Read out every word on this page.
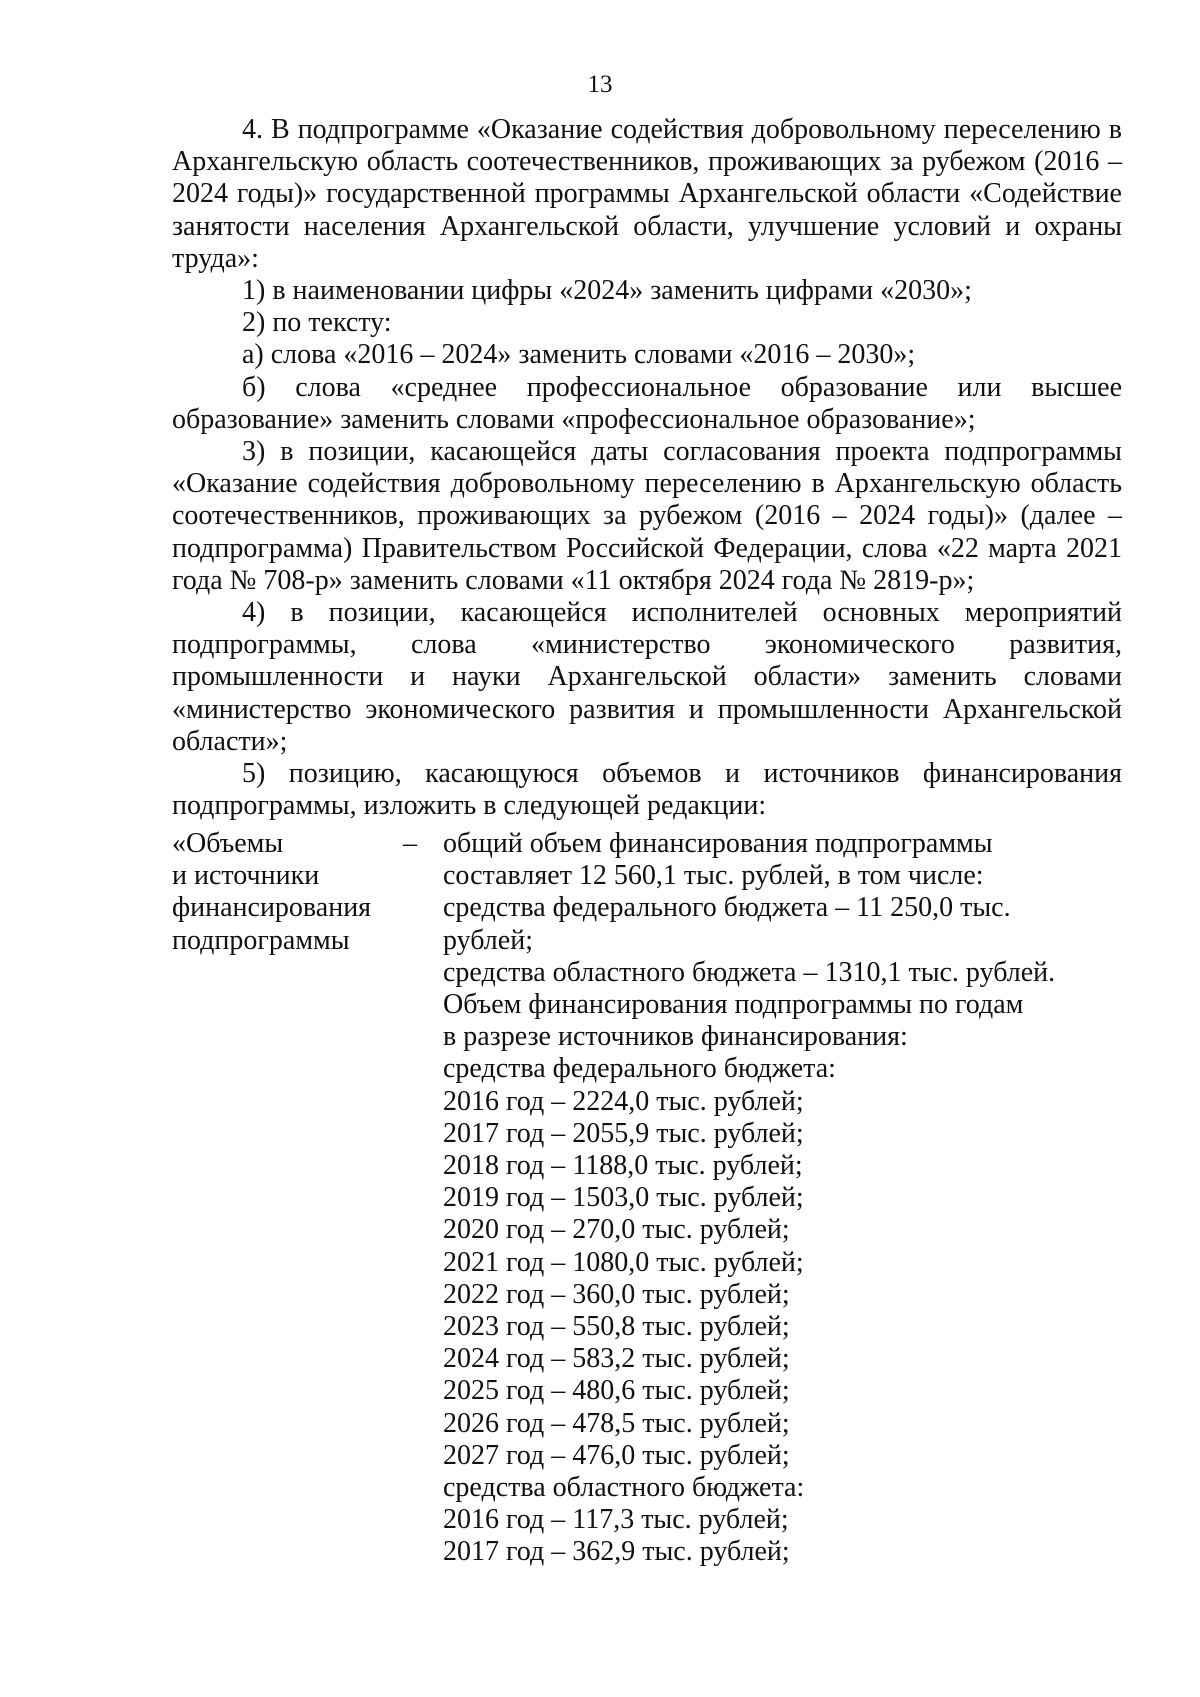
13

4. В подпрограмме «Оказание содействия добровольному переселению в Архангельскую область соотечественников, проживающих за рубежом (2016 – 2024 годы)» государственной программы Архангельской области «Содействие занятости населения Архангельской области, улучшение условий и охраны труда»:

1) в наименовании цифры «2024» заменить цифрами «2030»;

2) по тексту:

а) слова «2016 – 2024» заменить словами «2016 – 2030»;

б) слова «среднее профессиональное образование или высшее образование» заменить словами «профессиональное образование»;

3) в позиции, касающейся даты согласования проекта подпрограммы «Оказание содействия добровольному переселению в Архангельскую область соотечественников, проживающих за рубежом (2016 – 2024 годы)» (далее – подпрограмма) Правительством Российской Федерации, слова «22 марта 2021 года № 708-р» заменить словами «11 октября 2024 года № 2819-р»;

4) в позиции, касающейся исполнителей основных мероприятий подпрограммы, слова «министерство экономического развития, промышленности и науки Архангельской области» заменить словами «министерство экономического развития и промышленности Архангельской области»;

5) позицию, касающуюся объемов и источников финансирования подпрограммы, изложить в следующей редакции:

«Объемы
и источники
финансирования
подпрограммы
– общий объем финансирования подпрограммы
составляет 12 560,1 тыс. рублей, в том числе:
средства федерального бюджета – 11 250,0 тыс.
рублей;
средства областного бюджета – 1310,1 тыс. рублей.
Объем финансирования подпрограммы по годам
в разрезе источников финансирования:
средства федерального бюджета:
2016 год – 2224,0 тыс. рублей;
2017 год – 2055,9 тыс. рублей;
2018 год – 1188,0 тыс. рублей;
2019 год – 1503,0 тыс. рублей;
2020 год – 270,0 тыс. рублей;
2021 год – 1080,0 тыс. рублей;
2022 год – 360,0 тыс. рублей;
2023 год – 550,8 тыс. рублей;
2024 год – 583,2 тыс. рублей;
2025 год – 480,6 тыс. рублей;
2026 год – 478,5 тыс. рублей;
2027 год – 476,0 тыс. рублей;
средства областного бюджета:
2016 год – 117,3 тыс. рублей;
2017 год – 362,9 тыс. рублей;
